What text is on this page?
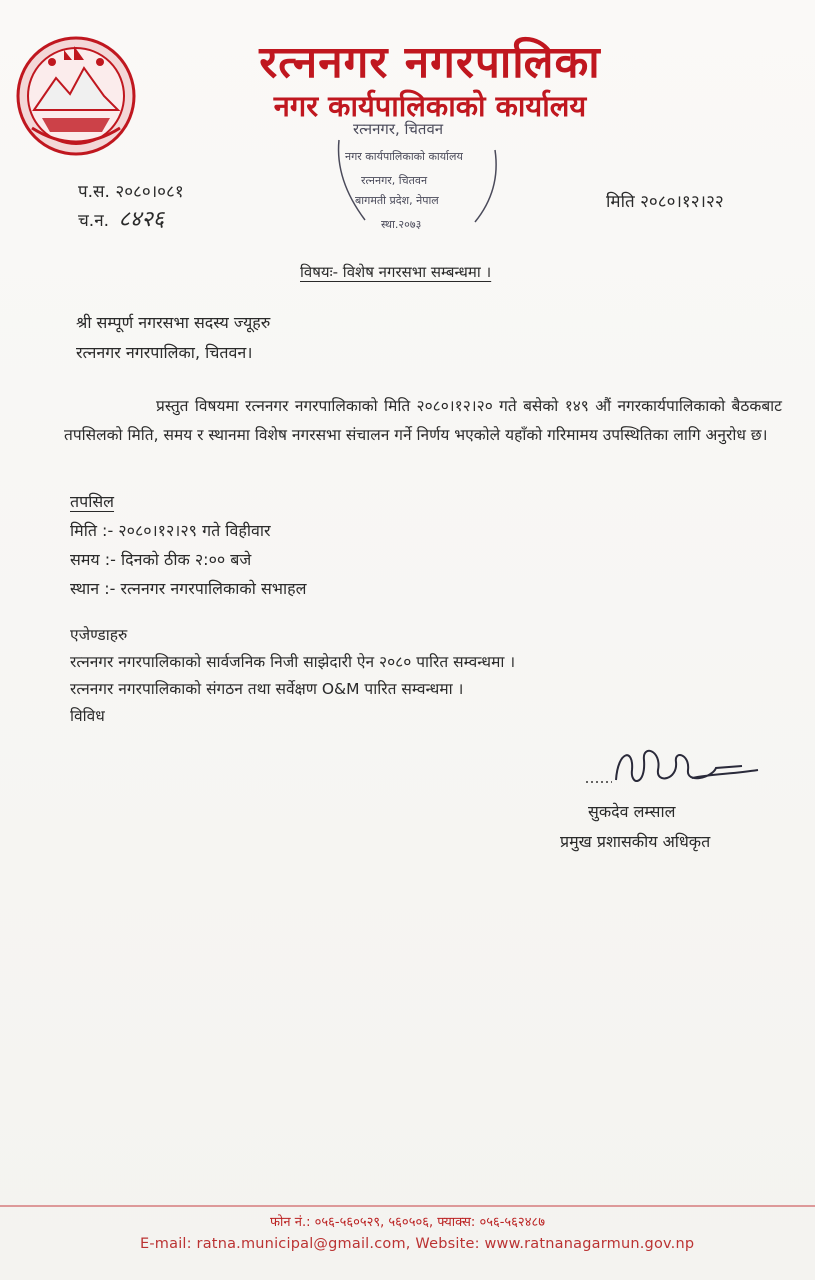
रत्ननगर नगरपालिका
नगर कार्यपालिकाको कार्यालय
रत्ननगर, चितवन
नगर कार्यपालिकाको कार्यालय
रत्ननगर, चितवन
बागमती प्रदेश, नेपाल
स्था.२०७३
प.स. २०८०।०८१
च.न. ८४२६
मिति २०८०।१२।२२
विषयः- विशेष नगरसभा सम्बन्धमा ।
श्री सम्पूर्ण नगरसभा सदस्य ज्यूहरु
रत्ननगर नगरपालिका, चितवन।
प्रस्तुत विषयमा रत्ननगर नगरपालिकाको मिति २०८०।१२।२० गते बसेको १४९ औं नगरकार्यपालिकाको बैठकबाट तपसिलको मिति, समय र स्थानमा विशेष नगरसभा संचालन गर्ने निर्णय भएकोले यहाँको गरिमामय उपस्थितिका लागि अनुरोध छ।
तपसिल
मिति :- २०८०।१२।२९ गते विहीवार
समय :- दिनको ठीक २:०० बजे
स्थान :- रत्ननगर नगरपालिकाको सभाहल
एजेण्डाहरु
रत्ननगर नगरपालिकाको सार्वजनिक निजी साझेदारी ऐन २०८० पारित सम्वन्धमा ।
रत्ननगर नगरपालिकाको संगठन तथा सर्वेक्षण O&M पारित सम्वन्धमा ।
विविध
सुकदेव लम्साल
प्रमुख प्रशासकीय अधिकृत
फोन नं.: ०५६-५६०५२९, ५६०५०६, फ्याक्स: ०५६-५६२४८७
E-mail: ratna.municipal@gmail.com, Website: www.ratnanagarmun.gov.np
